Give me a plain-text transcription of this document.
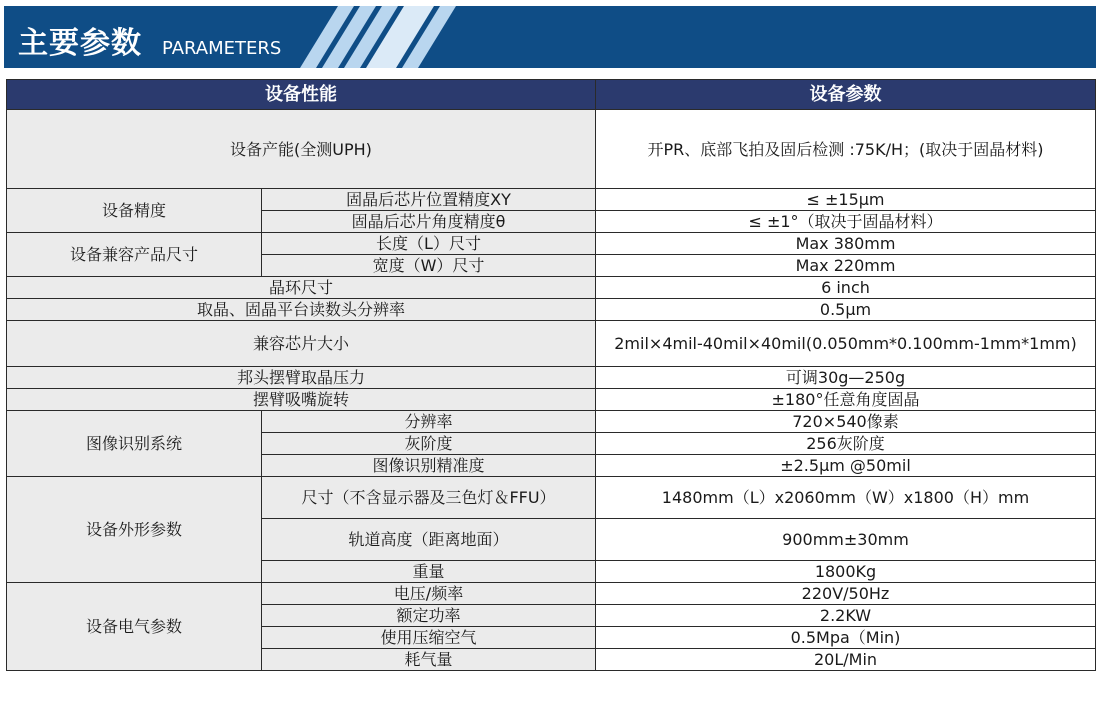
主要参数 PARAMETERS
设备性能		设备参数
设备产能(全测UPH)		开PR、底部飞拍及固后检测 :75K/H；(取决于固晶材料)
设备精度	固晶后芯片位置精度XY	≤ ±15μm
	固晶后芯片角度精度θ	≤ ±1°（取决于固晶材料）
设备兼容产品尺寸	长度（L）尺寸	Max 380mm
	宽度（W）尺寸	Max 220mm
晶环尺寸		6 inch
取晶、固晶平台读数头分辨率		0.5μm
兼容芯片大小		2mil×4mil-40mil×40mil(0.050mm*0.100mm-1mm*1mm)
邦头摆臂取晶压力		可调30g—250g
摆臂吸嘴旋转		±180°任意角度固晶
图像识别系统	分辨率	720×540像素
	灰阶度	256灰阶度
	图像识别精准度	±2.5μm @50mil
设备外形参数	尺寸（不含显示器及三色灯＆FFU）	1480mm（L）x2060mm（W）x1800（H）mm
	轨道高度（距离地面）	900mm±30mm
	重量	1800Kg
设备电气参数	电压/频率	220V/50Hz
	额定功率	2.2KW
	使用压缩空气	0.5Mpa（Min)
	耗气量	20L/Min
